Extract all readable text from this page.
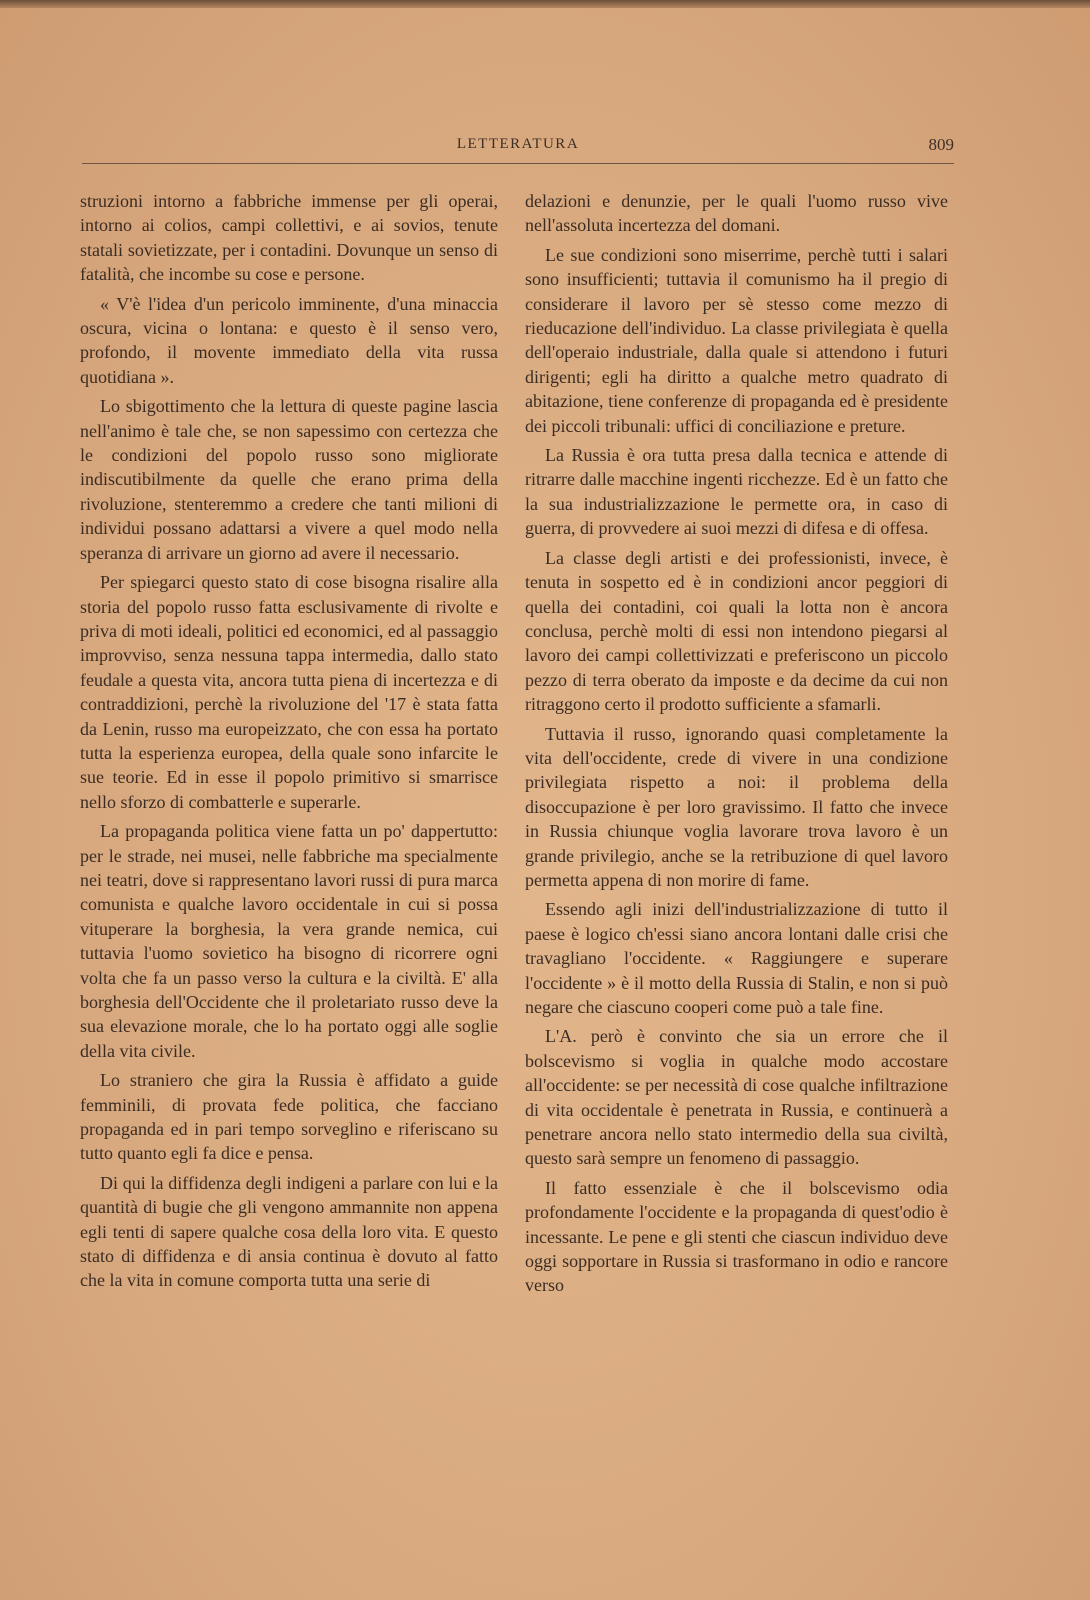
LETTERATURA	809

struzioni intorno a fabbriche immense per gli operai, intorno ai colios, campi collettivi, e ai sovios, tenute statali sovietizzate, per i contadini. Dovunque un senso di fatalità, che incombe su cose e persone.

« V'è l'idea d'un pericolo imminente, d'una minaccia oscura, vicina o lontana: e questo è il senso vero, profondo, il movente immediato della vita russa quotidiana ».

Lo sbigottimento che la lettura di queste pagine lascia nell'animo è tale che, se non sapessimo con certezza che le condizioni del popolo russo sono migliorate indiscutibilmente da quelle che erano prima della rivoluzione, stenteremmo a credere che tanti milioni di individui possano adattarsi a vivere a quel modo nella speranza di arrivare un giorno ad avere il necessario.

Per spiegarci questo stato di cose bisogna risalire alla storia del popolo russo fatta esclusivamente di rivolte e priva di moti ideali, politici ed economici, ed al passaggio improvviso, senza nessuna tappa intermedia, dallo stato feudale a questa vita, ancora tutta piena di incertezza e di contraddizioni, perchè la rivoluzione del '17 è stata fatta da Lenin, russo ma europeizzato, che con essa ha portato tutta la esperienza europea, della quale sono infarcite le sue teorie. Ed in esse il popolo primitivo si smarrisce nello sforzo di combatterle e superarle.

La propaganda politica viene fatta un po' dappertutto: per le strade, nei musei, nelle fabbriche ma specialmente nei teatri, dove si rappresentano lavori russi di pura marca comunista e qualche lavoro occidentale in cui si possa vituperare la borghesia, la vera grande nemica, cui tuttavia l'uomo sovietico ha bisogno di ricorrere ogni volta che fa un passo verso la cultura e la civiltà. E' alla borghesia dell'Occidente che il proletariato russo deve la sua elevazione morale, che lo ha portato oggi alle soglie della vita civile.

Lo straniero che gira la Russia è affidato a guide femminili, di provata fede politica, che facciano propaganda ed in pari tempo sorveglino e riferiscano su tutto quanto egli fa dice e pensa.

Di qui la diffidenza degli indigeni a parlare con lui e la quantità di bugie che gli vengono ammannite non appena egli tenti di sapere qualche cosa della loro vita. E questo stato di diffidenza e di ansia continua è dovuto al fatto che la vita in comune comporta tutta una serie di

delazioni e denunzie, per le quali l'uomo russo vive nell'assoluta incertezza del domani.

Le sue condizioni sono miserrime, perchè tutti i salari sono insufficienti; tuttavia il comunismo ha il pregio di considerare il lavoro per sè stesso come mezzo di rieducazione dell'individuo. La classe privilegiata è quella dell'operaio industriale, dalla quale si attendono i futuri dirigenti; egli ha diritto a qualche metro quadrato di abitazione, tiene conferenze di propaganda ed è presidente dei piccoli tribunali: uffici di conciliazione e preture.

La Russia è ora tutta presa dalla tecnica e attende di ritrarre dalle macchine ingenti ricchezze. Ed è un fatto che la sua industrializzazione le permette ora, in caso di guerra, di provvedere ai suoi mezzi di difesa e di offesa.

La classe degli artisti e dei professionisti, invece, è tenuta in sospetto ed è in condizioni ancor peggiori di quella dei contadini, coi quali la lotta non è ancora conclusa, perchè molti di essi non intendono piegarsi al lavoro dei campi collettivizzati e preferiscono un piccolo pezzo di terra oberato da imposte e da decime da cui non ritraggono certo il prodotto sufficiente a sfamarli.

Tuttavia il russo, ignorando quasi completamente la vita dell'occidente, crede di vivere in una condizione privilegiata rispetto a noi: il problema della disoccupazione è per loro gravissimo. Il fatto che invece in Russia chiunque voglia lavorare trova lavoro è un grande privilegio, anche se la retribuzione di quel lavoro permetta appena di non morire di fame.

Essendo agli inizi dell'industrializzazione di tutto il paese è logico ch'essi siano ancora lontani dalle crisi che travagliano l'occidente. « Raggiungere e superare l'occidente » è il motto della Russia di Stalin, e non si può negare che ciascuno cooperi come può a tale fine.

L'A. però è convinto che sia un errore che il bolscevismo si voglia in qualche modo accostare all'occidente: se per necessità di cose qualche infiltrazione di vita occidentale è penetrata in Russia, e continuerà a penetrare ancora nello stato intermedio della sua civiltà, questo sarà sempre un fenomeno di passaggio.

Il fatto essenziale è che il bolscevismo odia profondamente l'occidente e la propaganda di quest'odio è incessante. Le pene e gli stenti che ciascun individuo deve oggi sopportare in Russia si trasformano in odio e rancore verso
